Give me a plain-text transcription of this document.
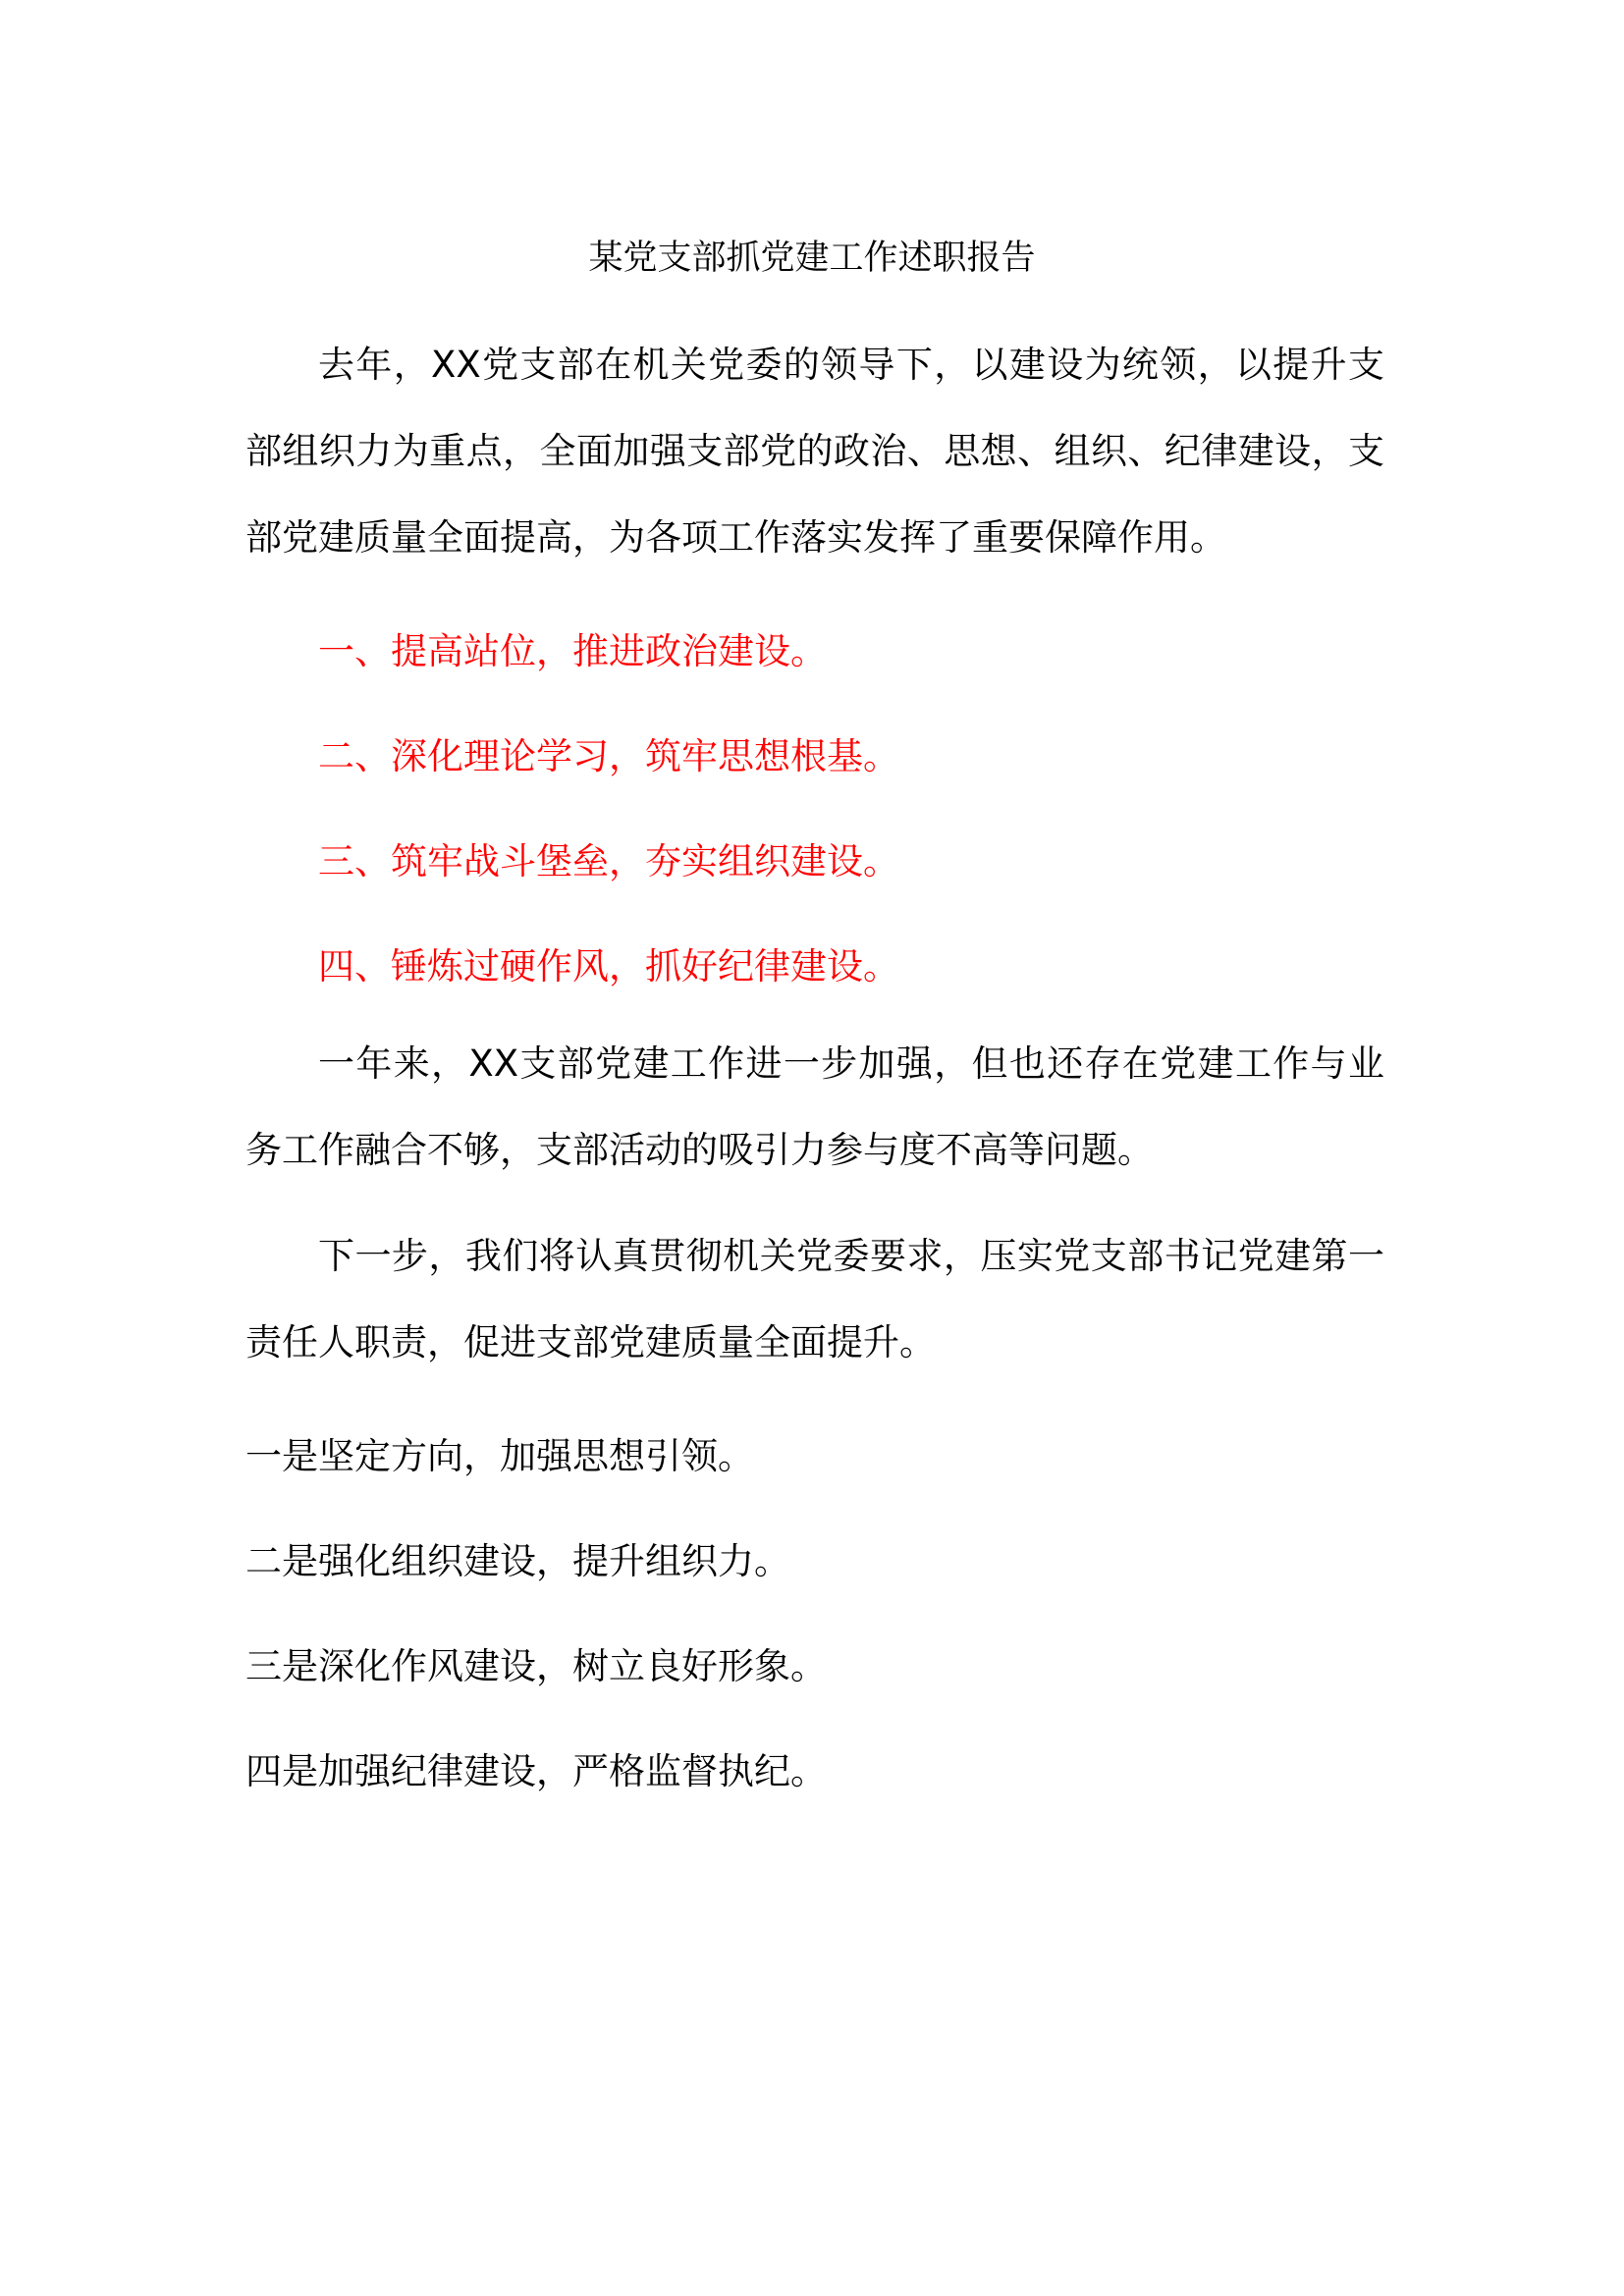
某党支部抓党建工作述职报告

去年，XX党支部在机关党委的领导下，以建设为统领，以提升支部组织力为重点，全面加强支部党的政治、思想、组织、纪律建设，支部党建质量全面提高，为各项工作落实发挥了重要保障作用。

一、提高站位，推进政治建设。

二、深化理论学习，筑牢思想根基。

三、筑牢战斗堡垒，夯实组织建设。

四、锤炼过硬作风，抓好纪律建设。

一年来，XX支部党建工作进一步加强，但也还存在党建工作与业务工作融合不够，支部活动的吸引力参与度不高等问题。

下一步，我们将认真贯彻机关党委要求，压实党支部书记党建第一责任人职责，促进支部党建质量全面提升。

一是坚定方向，加强思想引领。

二是强化组织建设，提升组织力。

三是深化作风建设，树立良好形象。

四是加强纪律建设，严格监督执纪。
